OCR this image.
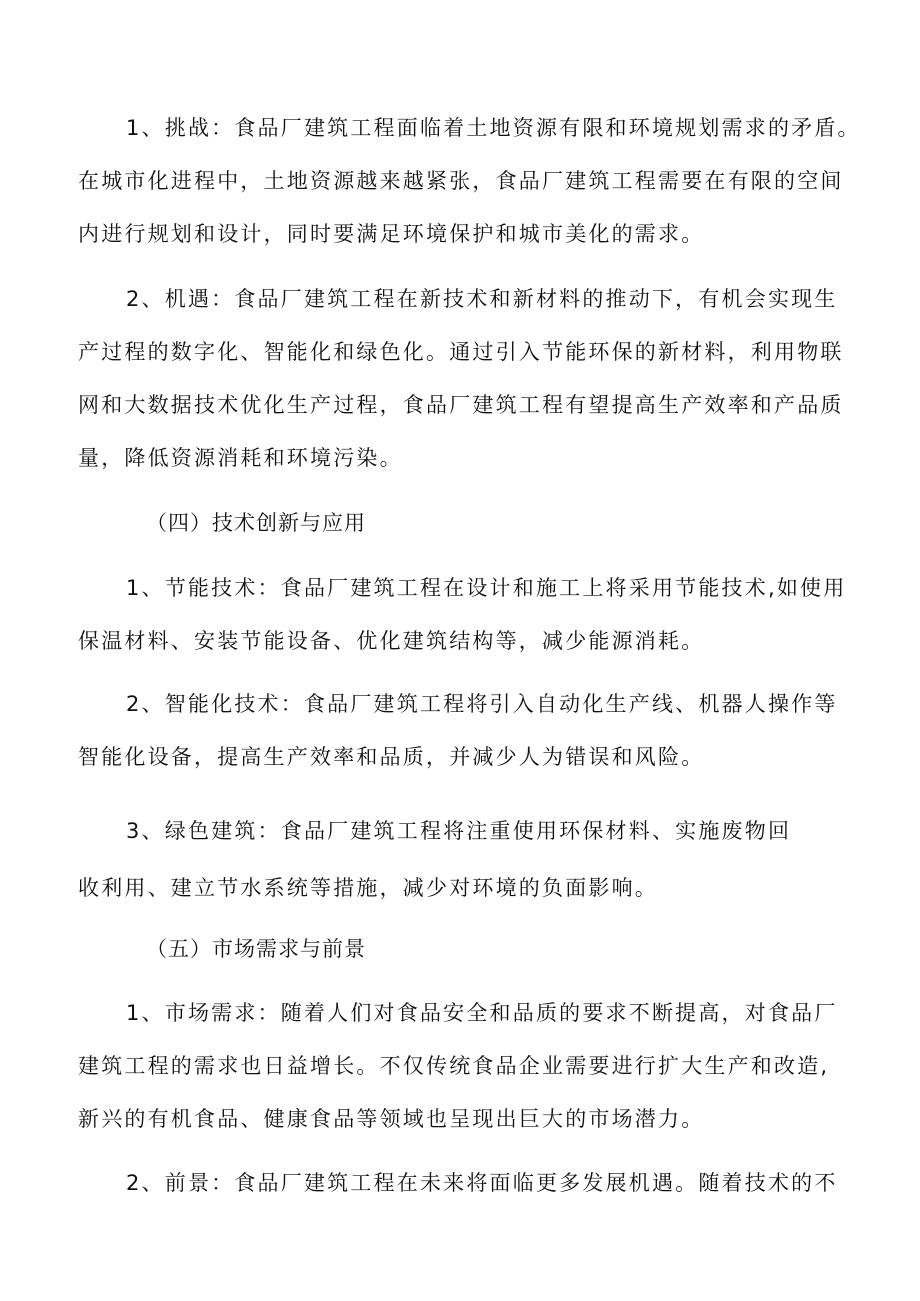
1、挑战：食品厂建筑工程面临着土地资源有限和环境规划需求的矛盾。
在城市化进程中，土地资源越来越紧张，食品厂建筑工程需要在有限的空间
内进行规划和设计，同时要满足环境保护和城市美化的需求。
2、机遇：食品厂建筑工程在新技术和新材料的推动下，有机会实现生
产过程的数字化、智能化和绿色化。通过引入节能环保的新材料，利用物联
网和大数据技术优化生产过程，食品厂建筑工程有望提高生产效率和产品质
量，降低资源消耗和环境污染。
（四）技术创新与应用
1、节能技术：食品厂建筑工程在设计和施工上将采用节能技术,如使用
保温材料、安装节能设备、优化建筑结构等，减少能源消耗。
2、智能化技术：食品厂建筑工程将引入自动化生产线、机器人操作等
智能化设备，提高生产效率和品质，并减少人为错误和风险。
3、绿色建筑：食品厂建筑工程将注重使用环保材料、实施废物回
收利用、建立节水系统等措施，减少对环境的负面影响。
（五）市场需求与前景
1、市场需求：随着人们对食品安全和品质的要求不断提高，对食品厂
建筑工程的需求也日益增长。不仅传统食品企业需要进行扩大生产和改造,
新兴的有机食品、健康食品等领域也呈现出巨大的市场潜力。
2、前景：食品厂建筑工程在未来将面临更多发展机遇。随着技术的不
